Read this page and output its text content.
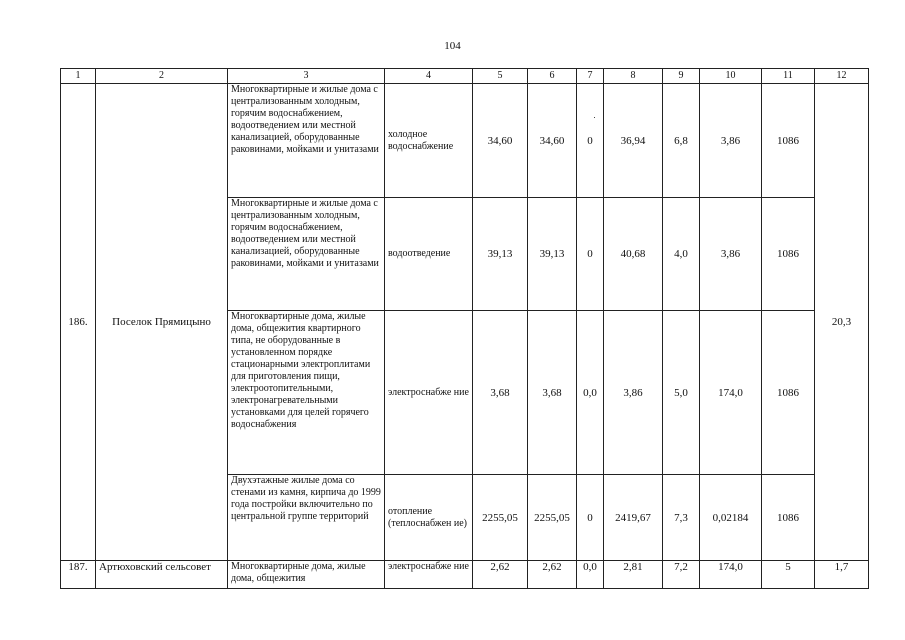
104
1	2	3	4	5	6	7	8	9	10	11	12
186.	Поселок Прямицыно	Многоквартирные и жилые дома с централизованным холодным, горячим водоснабжением, водоотведением или местной канализацией, оборудованные раковинами, мойками и унитазами	холодное водоснабжение	34,60	34,60	0	36,94	6,8	3,86	1086	20,3
		Многоквартирные и жилые дома с централизованным холодным, горячим водоснабжением, водоотведением или местной канализацией, оборудованные раковинами, мойками и унитазами	водоотведение	39,13	39,13	0	40,68	4,0	3,86	1086	
		Многоквартирные дома, жилые дома, общежития квартирного типа, не оборудованные в установленном порядке стационарными электроплитами для приготовления пищи, электроотопительными, электронагревательными установками для целей горячего водоснабжения	электроснабже ние	3,68	3,68	0,0	3,86	5,0	174,0	1086	
		Двухэтажные жилые дома со стенами из камня, кирпича до 1999 года постройки включительно по центральной группе территорий	отопление (теплоснабжен ие)	2255,05	2255,05	0	2419,67	7,3	0,02184	1086	
187.	Артюховский сельсовет	Многоквартирные дома, жилые дома, общежития	электроснабже ние	2,62	2,62	0,0	2,81	7,2	174,0	5	1,7
